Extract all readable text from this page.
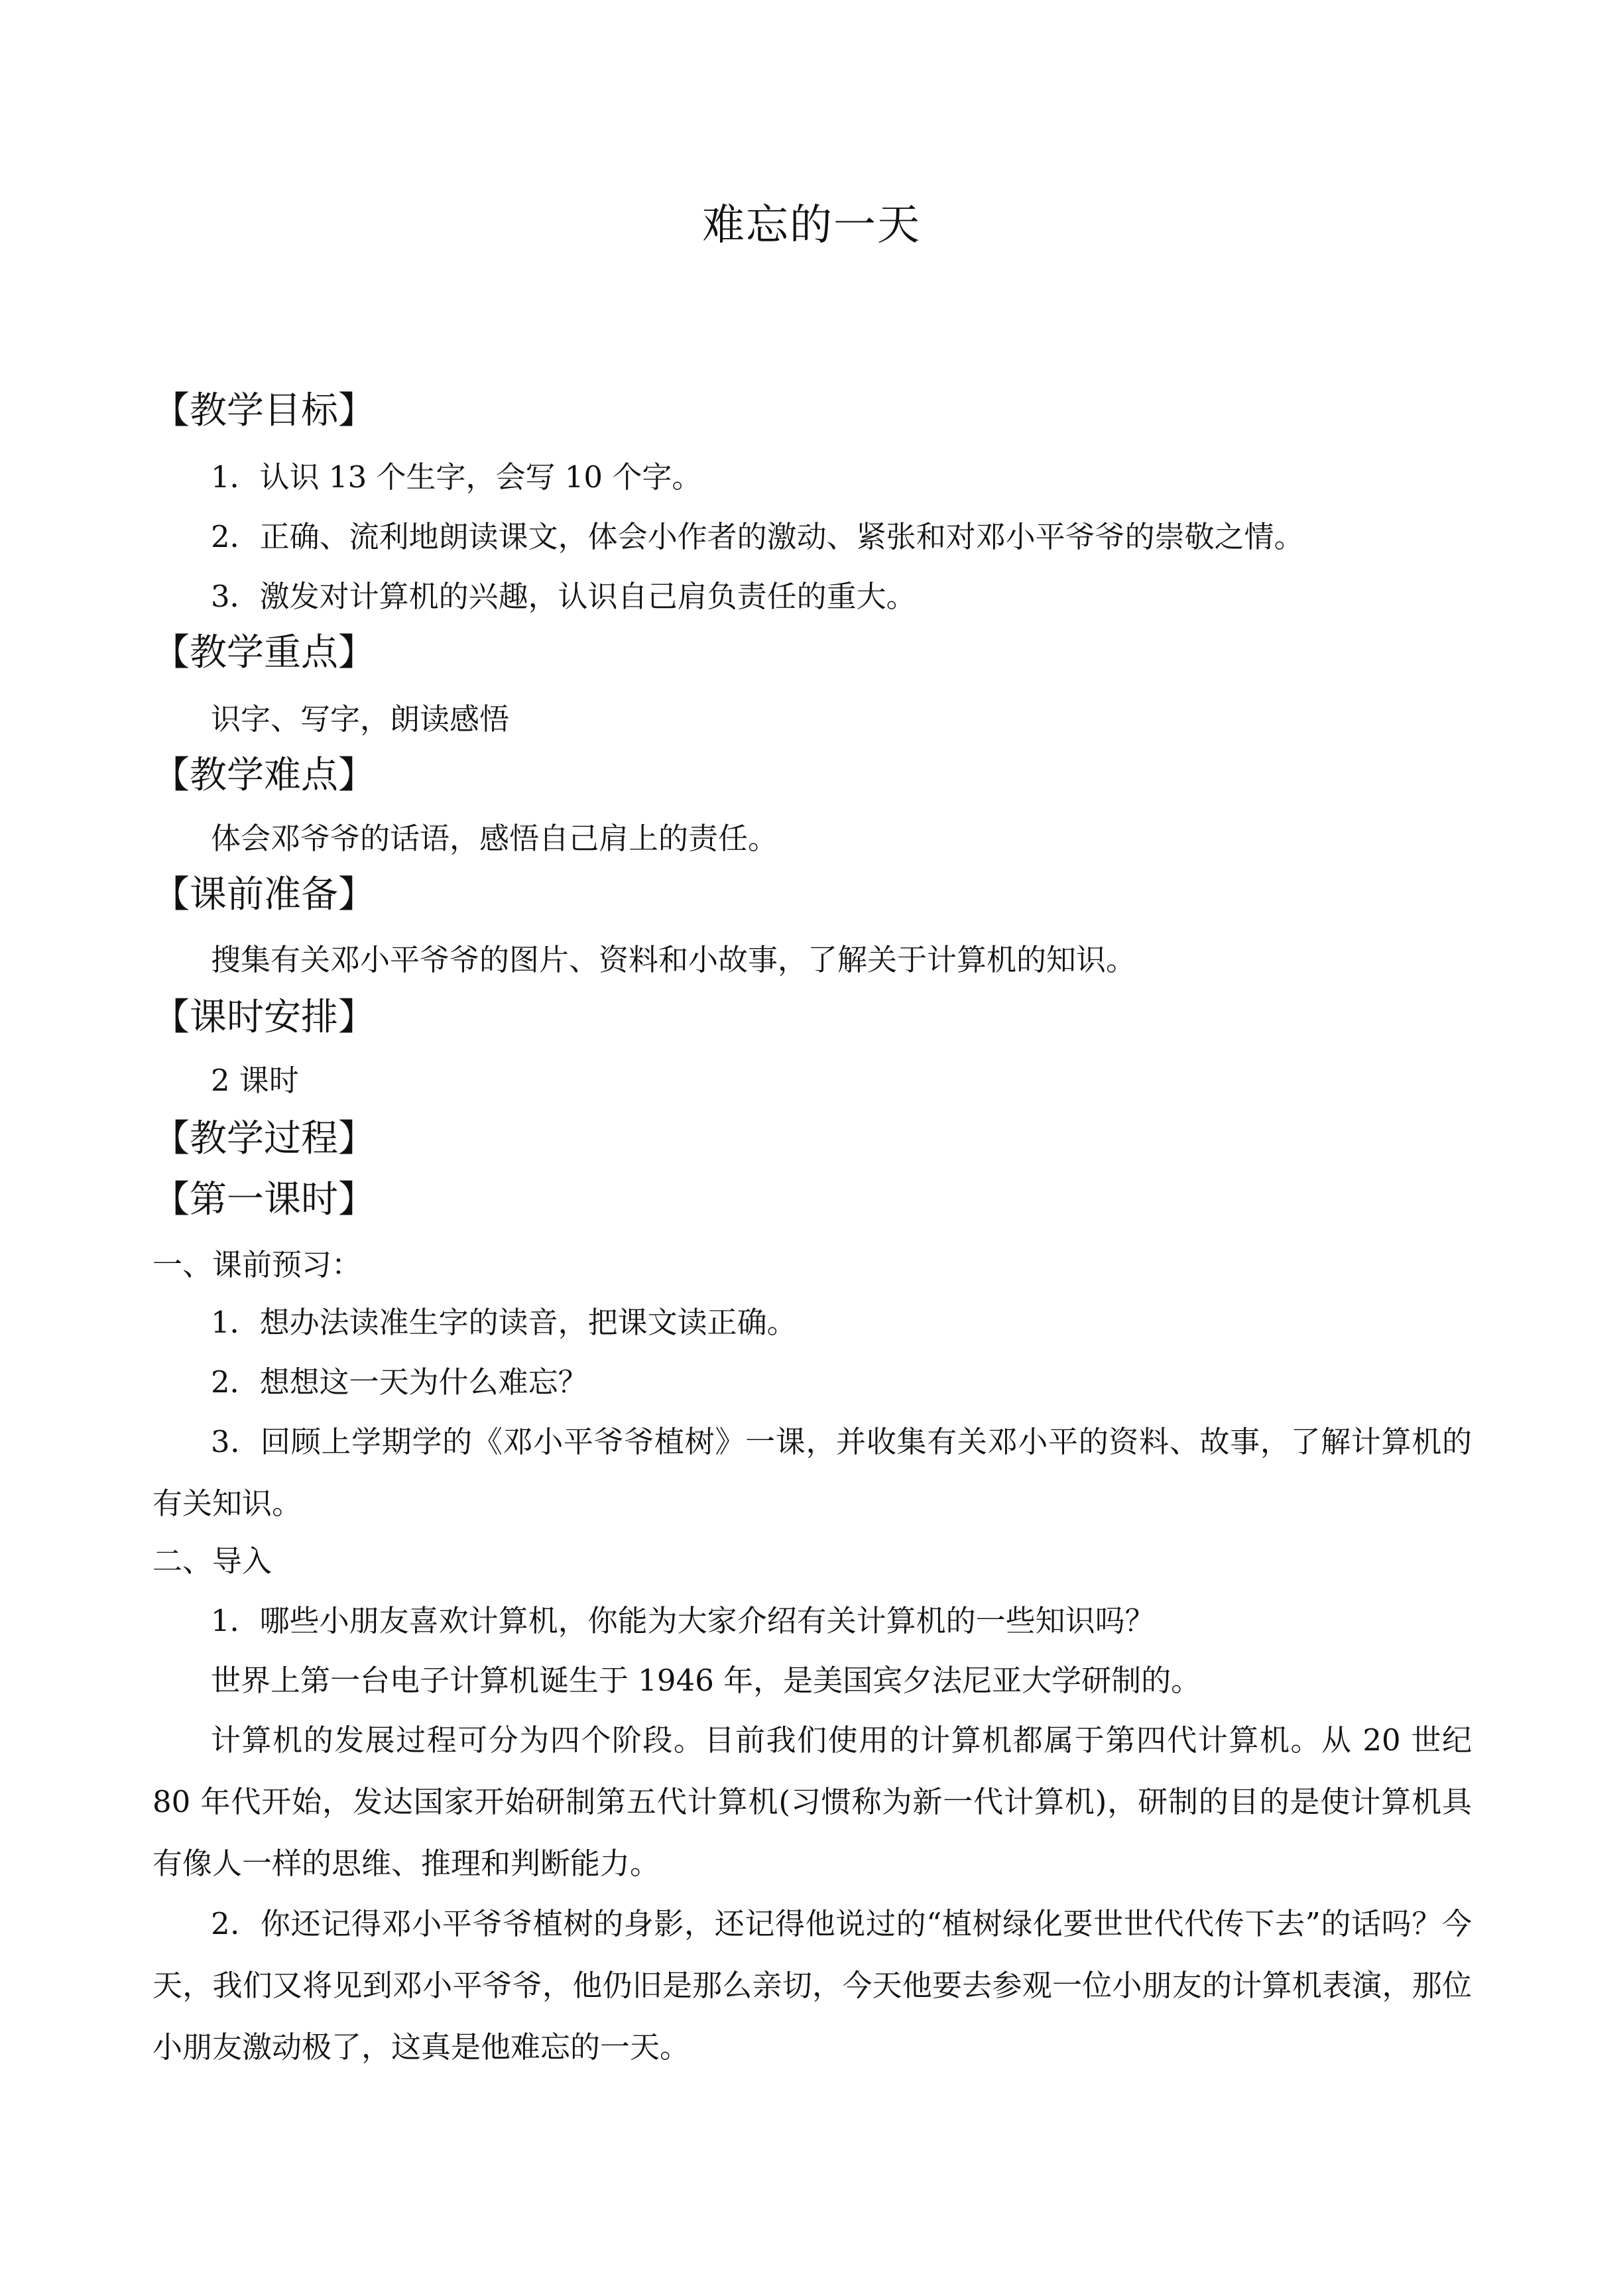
难忘的一天
【教学目标】
1．认识 13 个生字，会写 10 个字。
2．正确、流利地朗读课文，体会小作者的激动、紧张和对邓小平爷爷的崇敬之情。
3．激发对计算机的兴趣，认识自己肩负责任的重大。
【教学重点】
识字、写字，朗读感悟
【教学难点】
体会邓爷爷的话语，感悟自己肩上的责任。
【课前准备】
搜集有关邓小平爷爷的图片、资料和小故事，了解关于计算机的知识。
【课时安排】
2 课时
【教学过程】
【第一课时】
一、课前预习：
1．想办法读准生字的读音，把课文读正确。
2．想想这一天为什么难忘？
3．回顾上学期学的《邓小平爷爷植树》一课，并收集有关邓小平的资料、故事，了解计算机的有关知识。
二、导入
1．哪些小朋友喜欢计算机，你能为大家介绍有关计算机的一些知识吗？
世界上第一台电子计算机诞生于 1946 年，是美国宾夕法尼亚大学研制的。
计算机的发展过程可分为四个阶段。目前我们使用的计算机都属于第四代计算机。从 20 世纪 80 年代开始，发达国家开始研制第五代计算机(习惯称为新一代计算机)，研制的目的是使计算机具有像人一样的思维、推理和判断能力。
2．你还记得邓小平爷爷植树的身影，还记得他说过的“植树绿化要世世代代传下去”的话吗？今天，我们又将见到邓小平爷爷，他仍旧是那么亲切，今天他要去参观一位小朋友的计算机表演，那位小朋友激动极了，这真是他难忘的一天。
